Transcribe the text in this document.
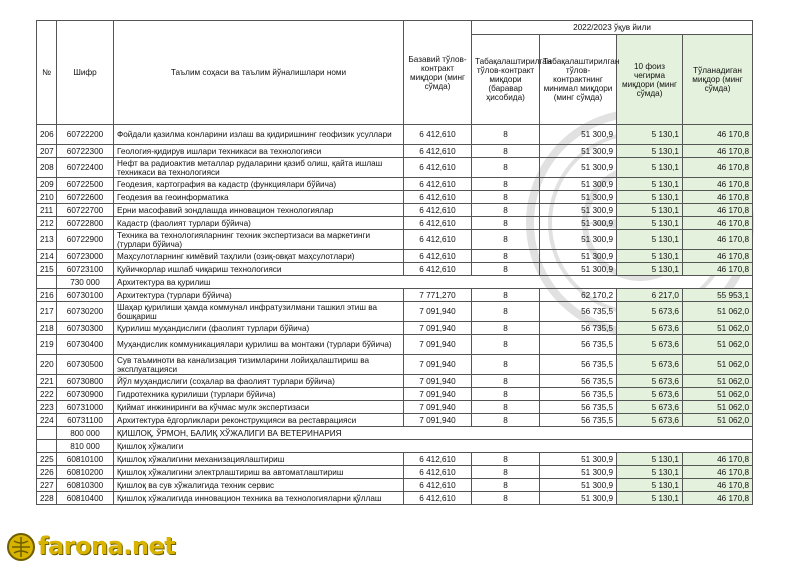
№	Шифр	Таълим соҳаси ва таълим йўналишлари номи	Базавий тўлов-контракт миқдори (минг сўмда)	2022/2023 ўқув йили			
				Табақалаштирилган тўлов-контракт миқдори (баравар ҳисобида)	Табақалаштирилган тўлов-контрактнинг минимал миқдори (минг сўмда)	10 фоиз чегирма миқдори (минг сўмда)	Тўланадиган миқдор (минг сўмда)
206	60722200	Фойдали қазилма конларини излаш ва қидиришнинг геофизик усуллари	6 412,610	8	51 300,9	5 130,1	46 170,8
207	60722300	Геология-қидирув ишлари техникаси ва технологияси	6 412,610	8	51 300,9	5 130,1	46 170,8
208	60722400	Нефт ва радиоактив металлар рудаларини қазиб олиш, қайта ишлаш техникаси ва технологияси	6 412,610	8	51 300,9	5 130,1	46 170,8
209	60722500	Геодезия, картография ва кадастр (функциялари бўйича)	6 412,610	8	51 300,9	5 130,1	46 170,8
210	60722600	Геодезия ва геоинформатика	6 412,610	8	51 300,9	5 130,1	46 170,8
211	60722700	Ерни масофавий зондлашда инновацион технологиялар	6 412,610	8	51 300,9	5 130,1	46 170,8
212	60722800	Кадастр (фаолият турлари бўйича)	6 412,610	8	51 300,9	5 130,1	46 170,8
213	60722900	Техника ва технологияларнинг техник экспертизаси ва маркетинги (турлари бўйича)	6 412,610	8	51 300,9	5 130,1	46 170,8
214	60723000	Маҳсулотларнинг кимёвий таҳлили (озиқ-овқат маҳсулотлари)	6 412,610	8	51 300,9	5 130,1	46 170,8
215	60723100	Қуйичкорлар ишлаб чиқариш технологияси	6 412,610	8	51 300,9	5 130,1	46 170,8
	730 000	Архитектура ва қурилиш					
216	60730100	Архитектура (турлари бўйича)	7 771,270	8	62 170,2	6 217,0	55 953,1
217	60730200	Шаҳар қурилиши ҳамда коммунал инфратузилмани ташкил этиш ва бошқариш	7 091,940	8	56 735,5	5 673,6	51 062,0
218	60730300	Қурилиш муҳандислиги (фаолият турлари бўйича)	7 091,940	8	56 735,5	5 673,6	51 062,0
219	60730400	Муҳандислик коммуникациялари қурилиш ва монтажи (турлари бўйича)	7 091,940	8	56 735,5	5 673,6	51 062,0
220	60730500	Сув таъминоти ва канализация тизимларини лойиҳалаштириш ва эксплуатацияси	7 091,940	8	56 735,5	5 673,6	51 062,0
221	60730800	Йўл муҳандислиги (соҳалар ва фаолият турлари бўйича)	7 091,940	8	56 735,5	5 673,6	51 062,0
222	60730900	Гидротехника қурилиши (турлари бўйича)	7 091,940	8	56 735,5	5 673,6	51 062,0
223	60731000	Қиймат инжиниринги ва кўчмас мулк экспертизаси	7 091,940	8	56 735,5	5 673,6	51 062,0
224	60731100	Архитектура ёдгорликлари реконструкцияси ва реставрацияси	7 091,940	8	56 735,5	5 673,6	51 062,0
	800 000	ҚИШЛОҚ, ЎРМОН, БАЛИҚ ХЎЖАЛИГИ ВА ВЕТЕРИНАРИЯ					
	810 000	Қишлоқ хўжалиги					
225	60810100	Қишлоқ хўжалигини механизациялаштириш	6 412,610	8	51 300,9	5 130,1	46 170,8
226	60810200	Қишлоқ хўжалигини электрлаштириш ва автоматлаштириш	6 412,610	8	51 300,9	5 130,1	46 170,8
227	60810300	Қишлоқ ва сув хўжалигида техник сервис	6 412,610	8	51 300,9	5 130,1	46 170,8
228	60810400	Қишлоқ хўжалигида инновацион техника ва технологияларни қўллаш	6 412,610	8	51 300,9	5 130,1	46 170,8
farona.net
